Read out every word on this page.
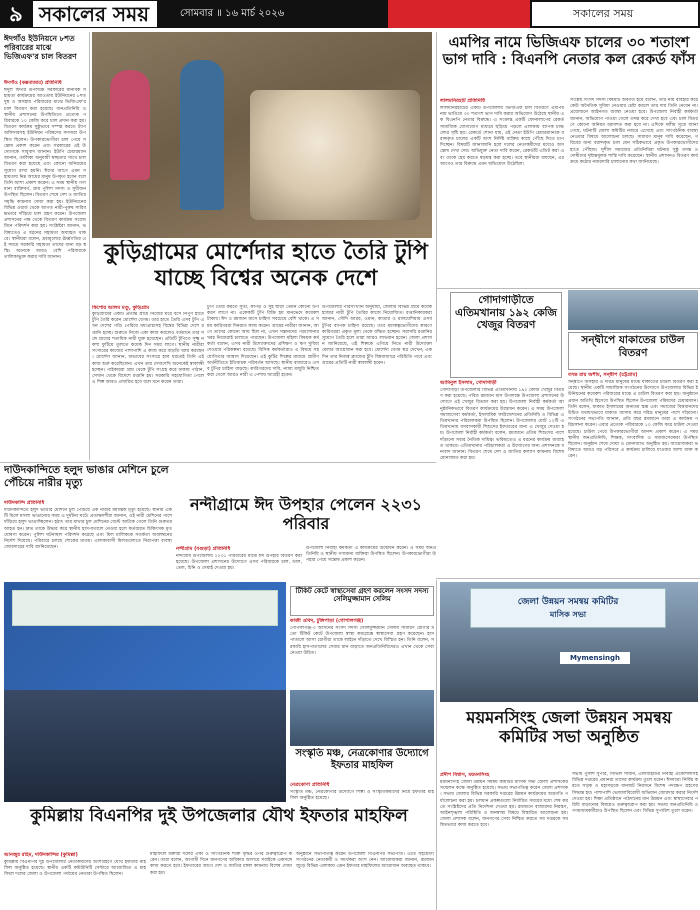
৯ সকালের সময়	সোমবার ॥ ১৬ মার্চ ২০২৬	সকালের সময়
ঈদগাঁও ইউনিয়নে ৮শত পরিবারের মাঝে ভিজিএফ'র চাল বিতরণ
ঈদগাঁও (কক্সবাজার) প্রতিনিধি
ঈদুল ফিতর উপলক্ষে সরকারের মানবিক সহায়তা কার্যক্রমের আওতায় ইউনিয়নের ৮শত দুস্থ ও অসহায় পরিবারের মাঝে ভিজিএফ'র চাল বিতরণ করা হয়েছে। জনপ্রতিনিধি ও স্থানীয় প্রশাসনের উপস্থিতিতে প্রত্যেক পরিবারকে ১০ কেজি করে চাল প্রদান করা হয়। বিতরণ কার্যক্রম সুষ্ঠুভাবে সম্পন্ন করতে ট্যাগ অফিসারসহ ইউনিয়ন পরিষদের সদস্যরা উপস্থিত ছিলেন। উপকারভোগীরা চাল পেয়ে সন্তোষ প্রকাশ করেন এবং সরকারের এই উদ্যোগকে সাধুবাদ জানান। ইউপি চেয়ারম্যান জানান, তালিকা অনুযায়ী স্বচ্ছতার সাথে চাল বিতরণ করা হয়েছে এবং কোনো অনিয়মের সুযোগ রাখা হয়নি। ঈদের আগে এমন সহায়তায় নিম্ন আয়ের মানুষ উপকৃত হবেন বলে তিনি আশা প্রকাশ করেন। এ সময় স্থানীয় গণ্যমান্য ব্যক্তিবর্গ, গ্রাম পুলিশ সদস্য ও সুধীজন উপস্থিত ছিলেন। বিতরণ শেষে দেশ ও জাতির সমৃদ্ধি কামনায় দোয়া করা হয়। ইউনিয়নের বিভিন্ন ওয়ার্ড থেকে আগত নারী-পুরুষ সারিবদ্ধভাবে দাঁড়িয়ে চাল গ্রহণ করেন। উপজেলা প্রশাসনের পক্ষ থেকে বিতরণ কার্যক্রম সরেজমিনে পরিদর্শন করা হয়। সংশ্লিষ্টরা জানান, ভবিষ্যতেও এ ধরনের সহায়তা অব্যাহত থাকবে। স্থানীয়রা বলেন, দ্রব্যমূল্যের ঊর্ধ্বগতির এই সময়ে সরকারি সহায়তা তাদের জন্য বড় স্বস্তি। অনেকে আরও বেশি পরিবারকে তালিকাভুক্ত করার দাবি জানান।	কুড়িগ্রামের মোর্শেদার হাতে তৈরি টুপি যাচ্ছে বিশ্বের অনেক দেশে
কিশোর আলম মণ্ডু, কুড়িগ্রাম
কুড়িগ্রামের একটি প্রত্যন্ত গ্রামে নিজের ঘরে বসে নিপুণ হাতে টুপি তৈরি করেন মোর্শেদা বেগম। তার হাতে তৈরি এসব টুপি এখন দেশের গণ্ডি পেরিয়ে মধ্যপ্রাচ্যসহ বিশ্বের বিভিন্ন দেশে রপ্তানি হচ্ছে। শুরুতে নিজে একা কাজ করলেও বর্তমানে তার সঙ্গে গ্রামের শতাধিক নারী যুক্ত হয়েছেন। প্রতিটি টুপিতে সূক্ষ্ম নকশা ফুটিয়ে তুলতে কয়েক দিন সময় লাগে। স্থানীয় নারীরা সংসারের কাজের পাশাপাশি এ কাজ করে বাড়তি আয় করছেন। মোর্শেদা জানান, অভাবের সংসারে হাল ধরতেই তিনি এই কাজ শুরু করেছিলেন। এখন তার দেখাদেখি অনেকেই স্বাবলম্বী হচ্ছেন। পাইকাররা গ্রাম থেকে টুপি সংগ্রহ করে ঢাকায় পাঠান, সেখান থেকে বিদেশে রপ্তানি হয়। সরকারি সহযোগিতা পেলে এ শিল্প আরও প্রসারিত হবে বলে মনে করেন তারা।
টুপি তৈরি করতে সুতা, কাপড় ও সুঁই ছাড়া তেমন কোনো উপকরণ লাগে না। একেকটি টুপি বিক্রি হয় মানভেদে কয়েকশ টাকায়। ঈদ ও রমজান মাসে চাহিদা সবচেয়ে বেশি থাকে। এ সময় কারিগররা দিনরাত কাজ করেন। গ্রামের নারীরা জানান, আগে তাদের কোনো আয় ছিল না, এখন সন্তানদের পড়াশোনার খরচ নিজেরাই চালাতে পারছেন। উপজেলা মহিলা বিষয়ক কর্মকর্তা বলেন, এসব নারী উদ্যোক্তাদের প্রশিক্ষণ ও ঋণ সুবিধা দেওয়ার পরিকল্পনা রয়েছে। বিসিক কর্মকর্তারাও এ বিষয়ে সহযোগিতার আশ্বাস দিয়েছেন। এই কুটির শিল্পের মাধ্যমে গ্রামীণ অর্থনীতিতে ইতিবাচক পরিবর্তন আসছে। স্থানীয় বাজারেও এসব টুপির চাহিদা বাড়ছে। কারিগরদের দাবি, ন্যায্য মজুরি নিশ্চিত করা গেলে আরও নারী এ পেশায় আগ্রহী হবেন।
উপজেলার পরিসংখ্যান অনুযায়ী, জেলার বিভিন্ন গ্রামে কয়েক হাজার নারী টুপি তৈরির কাজে নিয়োজিত। রপ্তানিকারকরা জানান, সৌদি আরব, ওমান, কাতার ও মালয়েশিয়ায় এসব টুপির ব্যাপক চাহিদা রয়েছে। তবে মধ্যস্বত্বভোগীদের কারণে কারিগররা প্রকৃত মূল্য থেকে বঞ্চিত হচ্ছেন। সরাসরি রপ্তানির সুযোগ তৈরি হলে তারা আরও লাভবান হবেন। জেলা প্রশাসন জানিয়েছে, এই শিল্পকে এগিয়ে নিতে নারী উদ্যোক্তা মেলার আয়োজন করা হবে। মোর্শেদা বেগম স্বপ্ন দেখেন, একদিন তার নিজস্ব ব্র্যান্ডের টুপি বিশ্ববাজারে পরিচিতি পাবে এবং গ্রামের প্রতিটি নারী স্বাবলম্বী হবেন।
এমপির নামে ভিজিএফ চালের ৩০ শতাংশ ভাগ দাবি : বিএনপি নেতার কল রেকর্ড ফাঁস
লালমনিরহাট প্রতিনিধি
লালমনিরহাটের একটি উপজেলায় ভিজিএফ চাল বিতরণে এমপির নাম ভাঙিয়ে ৩০ শতাংশ ভাগ দাবি করার অভিযোগ উঠেছে স্থানীয় এক বিএনপি নেতার বিরুদ্ধে। এ সংক্রান্ত একটি ফোনালাপের রেকর্ড সামাজিক যোগাযোগ মাধ্যমে ছড়িয়ে পড়লে এলাকায় ব্যাপক চাঞ্চল্যের সৃষ্টি হয়। রেকর্ডে শোনা যায়, ওই নেতা ইউপি চেয়ারম্যানকে বরাদ্দকৃত চালের একটি অংশ নির্দিষ্ট ব্যক্তির কাছে পৌঁছে দিতে চাপ দিচ্ছেন। বিষয়টি জানাজানি হলে দলের নেতাকর্মীদের মধ্যেও অসন্তোষ দেখা দেয়। অভিযুক্ত নেতা দাবি করেন, রেকর্ডটি এডিট করা এবং তাকে হেয় করতে ষড়যন্ত্র করা হচ্ছে। তবে স্থানীয়রা বলছেন, এর আগেও তার বিরুদ্ধে এমন অভিযোগ উঠেছিল।
সংশ্লিষ্ট সংসদ সদস্য বিষয়টি অবগত হয়ে বলেন, তার নাম ব্যবহার করে কেউ অনৈতিক সুবিধা নেওয়ার চেষ্টা করলে তার দায় তিনি নেবেন না। প্রয়োজনে আইনগত ব্যবস্থা নেওয়া হবে। উপজেলা নির্বাহী কর্মকর্তা জানান, অভিযোগ পাওয়া গেলে তদন্ত করে দেখা হবে এবং চাল বিতরণে কোনো অনিয়ম বরদাশত করা হবে না। এদিকে দলীয় সূত্রে জানা গেছে, ঘটনাটি জেলা কমিটির নজরে এসেছে এবং সাংগঠনিক ব্যবস্থা নেওয়ার বিষয়ে আলোচনা চলছে। সাধারণ মানুষ দাবি করেছেন, গরিবের জন্য বরাদ্দকৃত চাল যেন সঠিকভাবে প্রকৃত উপকারভোগীদের হাতে পৌঁছায়। সুশীল সমাজের প্রতিনিধিরা ঘটনার সুষ্ঠু তদন্ত ও দোষীদের দৃষ্টান্তমূলক শাস্তি দাবি করেছেন। স্থানীয় প্রশাসনও বিতরণ কার্যক্রমে কঠোর নজরদারি চালানোর কথা জানিয়েছে।
গোদাগাড়ীতে এতিমখানায় ১৯২ কেজি খেজুর বিতরণ
আমিনুল ইসলাম, গোদাগাড়ী
গোদাগাড়ী উপজেলার বিভিন্ন এতিমখানায় ১৯২ কেজি খেজুর বিতরণ করা হয়েছে। পবিত্র রমজান মাস উপলক্ষে উপজেলা প্রশাসনের উদ্যোগে এই খেজুর বিতরণ করা হয়। উপজেলা নির্বাহী কর্মকর্তা আনুষ্ঠানিকভাবে বিতরণ কার্যক্রমের উদ্বোধন করেন। এ সময় উপজেলা সমাজসেবা কর্মকর্তা, ইসলামিক ফাউন্ডেশনের প্রতিনিধি ও বিভিন্ন এতিমখানার পরিচালকরা উপস্থিত ছিলেন। উপজেলার মোট ১২টি এতিমখানায় বসবাসকারী শিশুদের ইফতারের জন্য এ খেজুর দেওয়া হয়। উপজেলা নির্বাহী কর্মকর্তা বলেন, রমজানে এতিম শিশুদের পাশে দাঁড়ানো সবার নৈতিক দায়িত্ব। ভবিষ্যতেও এ ধরনের কার্যক্রম অব্যাহত থাকবে। এতিমখানার পরিচালকরা এ উদ্যোগের জন্য প্রশাসনকে ধন্যবাদ জানান। বিতরণ শেষে দেশ ও জাতির কল্যাণ কামনায় বিশেষ মোনাজাত করা হয়।
সন্দ্বীপে যাকাতের চাউল বিতরণ
বসন্ত রায় অশীম, সন্দ্বীপ (চট্টগ্রাম)
সন্দ্বীপে অসহায় ও দরিদ্র মানুষের মাঝে যাকাতের চাউল বিতরণ করা হয়েছে। স্থানীয় একটি সামাজিক সংগঠনের উদ্যোগে উপজেলার বিভিন্ন ইউনিয়নের কয়েকশ পরিবারের মাঝে এ চাউল বিতরণ করা হয়। অনুষ্ঠানে প্রধান অতিথি হিসেবে উপস্থিত ছিলেন উপজেলা পরিষদের চেয়ারম্যান। তিনি বলেন, যাকাত ইসলামের অন্যতম স্তম্ভ এবং সমাজের বিত্তবানদের উচিত যথাযথভাবে যাকাত আদায় করে দরিদ্র মানুষের পাশে দাঁড়ানো। সংগঠনের সভাপতি জানান, প্রতি বছর রমজানে তারা এ কার্যক্রম পরিচালনা করেন। এবার প্রত্যেক পরিবারকে ১০ কেজি করে চাউল দেওয়া হয়েছে। চাউল পেয়ে উপকারভোগীরা আনন্দ প্রকাশ করেন। এ সময় স্থানীয় জনপ্রতিনিধি, শিক্ষক, সাংবাদিক ও সমাজসেবকরা উপস্থিত ছিলেন। অনুষ্ঠান শেষে দোয়া ও মোনাজাত অনুষ্ঠিত হয়। আয়োজকরা ভবিষ্যতে আরও বড় পরিসরে এ কার্যক্রম চালিয়ে যাওয়ার আশা ব্যক্ত করেন।
দাউদকান্দিতে হলুদ ভাঙার মেশিনে চুলে পেঁচিয়ে নারীর মৃত্যু
দাউদকান্দি প্রতিনিধি
দাউদকান্দিতে হলুদ ভাঙার মেশিনে চুল পেঁচিয়ে এক নারীর মর্মান্তিক মৃত্যু হয়েছে। স্থানীয় একটি মিলে মসলা ভাঙানোর সময় এ দুর্ঘটনা ঘটে। প্রত্যক্ষদর্শীরা জানান, ওই নারী মেশিনের পাশে দাঁড়িয়ে হলুদ ভাঙাচ্ছিলেন। হঠাৎ তার মাথার চুল মেশিনের বেল্টে আটকে গেলে তিনি গুরুতর আহত হন। দ্রুত তাকে উদ্ধার করে স্থানীয় হাসপাতালে নেওয়া হলে কর্তব্যরত চিকিৎসক মৃত ঘোষণা করেন। পুলিশ ঘটনাস্থল পরিদর্শন করেছে এবং মিল মালিককে সতর্কতা অবলম্বনের নির্দেশ দিয়েছে। পরিবারে চলছে শোকের মাতম। এলাকাবাসী মিলগুলোতে নিরাপত্তা ব্যবস্থা জোরদারের দাবি জানিয়েছেন।
নন্দীগ্রামে ঈদ উপহার পেলেন ২২৩১ পরিবার
নন্দীগ্রাম (বগুড়া) প্রতিনিধি
নন্দীগ্রাম উপজেলায় ২২৩১ পরিবারের মাঝে ঈদ উপহার বিতরণ করা হয়েছে। উপজেলা প্রশাসনের উদ্যোগে এসব পরিবারকে চাল, ডাল, তেল, চিনি ও সেমাই দেওয়া হয়।
উপজেলা নির্বাহী কর্মকর্তা এ কার্যক্রমের উদ্বোধন করেন। এ সময় জনপ্রতিনিধি ও স্থানীয় গণ্যমান্য ব্যক্তিরা উপস্থিত ছিলেন। উপকারভোগীরা উপহার পেয়ে সন্তোষ প্রকাশ করেন।
টিকিট কেটে স্বাস্থ্যসেবা গ্রহণ করলেন সংসদ সদস্য সেলিমুজ্জামান সেলিম
কাজী ওবিদ, টুঙ্গিপাড়া (গোপালগঞ্জ)
গোপালগঞ্জ-৩ আসনের সংসদ সদস্য সেলিমুজ্জামান সেলিম সাধারণ রোগীর মতো টিকিট কেটে উপজেলা স্বাস্থ্য কমপ্লেক্সে স্বাস্থ্যসেবা গ্রহণ করেছেন। হাসপাতালে আসা রোগীরা তাকে লাইনে দাঁড়াতে দেখে বিস্মিত হন। তিনি বলেন, সরকারি হাসপাতালের সেবার মান বাড়াতে জনপ্রতিনিধিদেরও এখান থেকে সেবা নেওয়া উচিত।
সংস্কৃতি মঞ্চ, নেত্রকোণার উদ্যোগে ইফতার মাহফিল
নেত্রকোণা প্রতিনিধি
সংস্কৃতি মঞ্চ, নেত্রকোণার উদ্যোগে শিল্পী ও সংস্কৃতিকর্মীদের নিয়ে ইফতার মাহফিল অনুষ্ঠিত হয়েছে।
কুমিল্লায় বিএনপির দুই উপজেলার যৌথ ইফতার মাহফিল
আনজুর রহিম, দাউদকান্দির (কুমিল্লা)
কুমিল্লায় বিএনপির দুই উপজেলার নেতাকর্মীদের অংশগ্রহণে যৌথ ইফতার মাহফিল অনুষ্ঠিত হয়েছে। স্থানীয় একটি কমিউনিটি সেন্টারে আয়োজিত এ মাহফিলে দলের জেলা ও উপজেলা পর্যায়ের নেতারা উপস্থিত ছিলেন।
মাহফিলে বক্তারা দলের ঐক্য ও সাংগঠনিক শক্তি বৃদ্ধির ওপর গুরুত্বারোপ করেন। তারা বলেন, আগামী দিনে জনগণের অধিকার আদায়ে সবাইকে একসঙ্গে কাজ করতে হবে। ইফতারের আগে দেশ ও জাতির মঙ্গল কামনায় বিশেষ দোয়া করা হয়।
অনুষ্ঠানে সভাপতিত্ব করেন উপজেলা বিএনপির সভাপতি। এতে সহযোগী সংগঠনের নেতাকর্মী ও সমর্থকরা অংশ নেন। আয়োজকরা জানান, রমজানজুড়ে বিভিন্ন এলাকায় এমন ইফতার মাহফিলের আয়োজন অব্যাহত থাকবে।
জেলা উন্নয়ন সমন্বয় কমিটির
মাসিক সভা
Mymensingh
ময়মনসিংহ জেলা উন্নয়ন সমন্বয় কমিটির সভা অনুষ্ঠিত
প্রদীপ বিশ্বাস, ময়মনসিংহ
ময়মনসিংহ জেলা উন্নয়ন সমন্বয় কমিটির মাসিক সভা জেলা প্রশাসকের সম্মেলন কক্ষে অনুষ্ঠিত হয়েছে। সভায় সভাপতিত্ব করেন জেলা প্রশাসক। সভায় জেলার বিভিন্ন সরকারি দপ্তরের উন্নয়ন কার্যক্রমের অগ্রগতি পর্যালোচনা করা হয়। চলমান প্রকল্পগুলো নির্ধারিত সময়ের মধ্যে শেষ করতে সংশ্লিষ্টদের প্রতি নির্দেশনা দেওয়া হয়। রমজানে বাজারদর নিয়ন্ত্রণ, আইনশৃঙ্খলা পরিস্থিতি ও জনস্বাস্থ্য বিষয়ে বিস্তারিত আলোচনা হয়। জেলা প্রশাসক বলেন, জনগণের সেবা নিশ্চিত করতে সব দপ্তরকে সমন্বিতভাবে কাজ করতে হবে।
সভায় পুলিশ সুপার, সিভিল সার্জন, এলজিইডির নির্বাহী প্রকৌশলীসহ বিভিন্ন দপ্তরের প্রধানরা তাদের কার্যক্রম তুলে ধরেন। ঈদযাত্রা নির্বিঘ্ন করতে সড়ক ও মহাসড়কে যানজট নিরসনে বিশেষ পদক্ষেপ গ্রহণের সিদ্ধান্ত হয়। পাশাপাশি ভেজালবিরোধী অভিযান জোরদার করার নির্দেশ দেওয়া হয়। শিক্ষা প্রতিষ্ঠানে পাঠদানের মান উন্নয়ন এবং স্বাস্থ্যসেবার পরিধি বাড়ানোর বিষয়েও গুরুত্বারোপ করা হয়। সভায় জনপ্রতিনিধি ও গণমাধ্যমকর্মীরাও উপস্থিত ছিলেন এবং বিভিন্ন সুপারিশ তুলে ধরেন।
